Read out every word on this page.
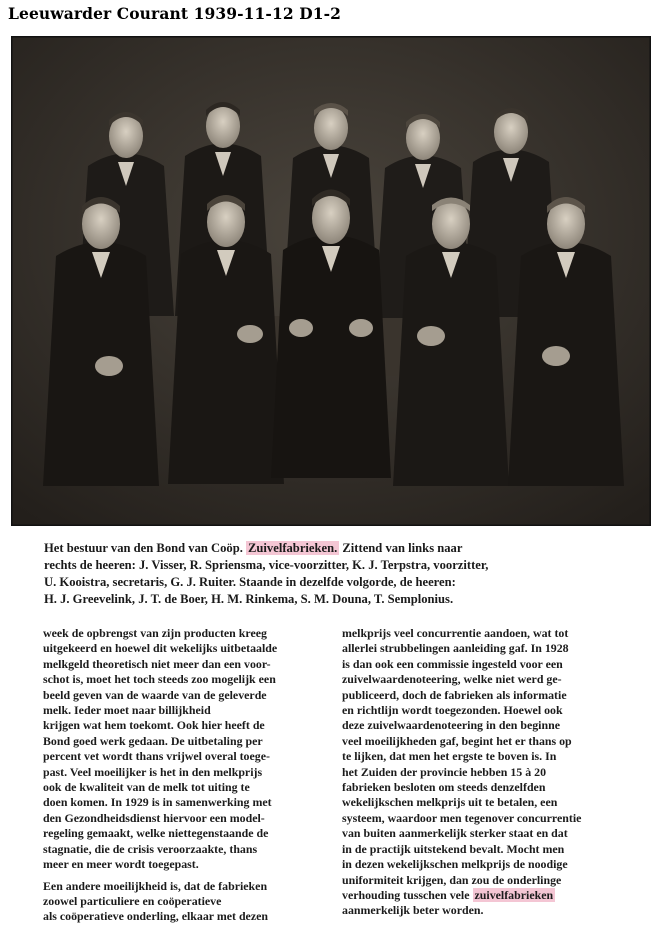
Leeuwarder Courant 1939-11-12 D1-2
Het bestuur van den Bond van Coöp. Zuivelfabrieken. Zittend van links naar
rechts de heeren: J. Visser, R. Spriensma, vice-voorzitter, K. J. Terpstra, voorzitter,
U. Kooistra, secretaris, G. J. Ruiter. Staande in dezelfde volgorde, de heeren:
H. J. Greevelink, J. T. de Boer, H. M. Rinkema, S. M. Douna, T. Semplonius.
week de opbrengst van zijn producten kreeg
uitgekeerd en hoewel dit wekelijks uitbetaalde
melkgeld theoretisch niet meer dan een voor-
schot is, moet het toch steeds zoo mogelijk een
beeld geven van de waarde van de geleverde
melk. Ieder moet naar billijkheid
krijgen wat hem toekomt. Ook hier heeft de
Bond goed werk gedaan. De uitbetaling per
percent vet wordt thans vrijwel overal toege-
past. Veel moeilijker is het in den melkprijs
ook de kwaliteit van de melk tot uiting te
doen komen. In 1929 is in samenwerking met
den Gezondheidsdienst hiervoor een model-
regeling gemaakt, welke niettegenstaande de
stagnatie, die de crisis veroorzaakte, thans
meer en meer wordt toegepast.
Een andere moeilijkheid is, dat de fabrieken
zoowel particuliere en coöperatieve
als coöperatieve onderling, elkaar met dezen
melkprijs veel concurrentie aandoen, wat tot
allerlei strubbelingen aanleiding gaf. In 1928
is dan ook een commissie ingesteld voor een
zuivelwaardenoteering, welke niet werd ge-
publiceerd, doch de fabrieken als informatie
en richtlijn wordt toegezonden. Hoewel ook
deze zuivelwaardenoteering in den beginne
veel moeilijkheden gaf, begint het er thans op
te lijken, dat men het ergste te boven is. In
het Zuiden der provincie hebben 15 à 20
fabrieken besloten om steeds denzelfden
wekelijkschen melkprijs uit te betalen, een
systeem, waardoor men tegenover concurrentie
van buiten aanmerkelijk sterker staat en dat
in de practijk uitstekend bevalt. Mocht men
in dezen wekelijkschen melkprijs de noodige
uniformiteit krijgen, dan zou de onderlinge
verhouding tusschen vele zuivelfabrieken
aanmerkelijk beter worden.
